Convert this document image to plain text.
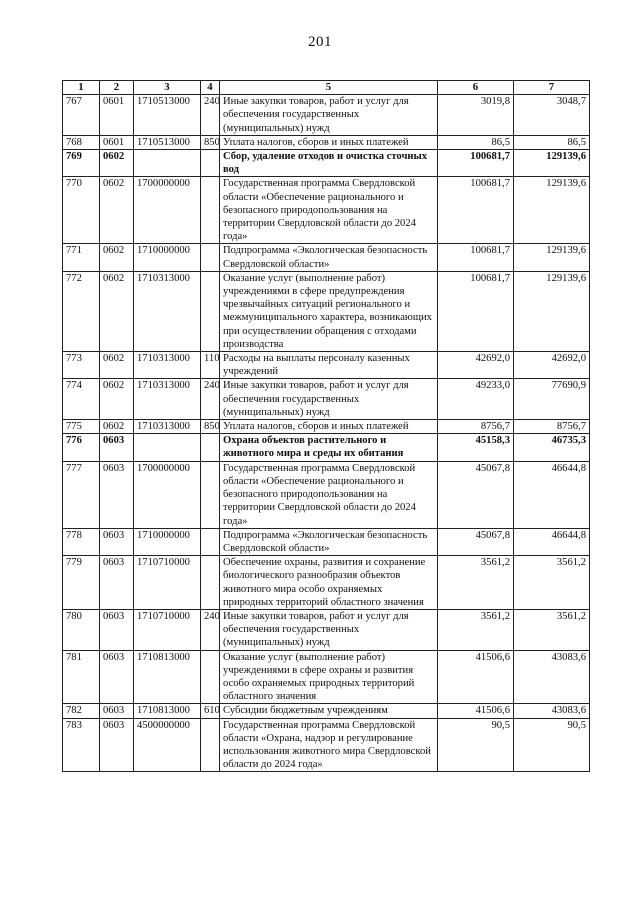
201
1	2	3	4	5	6	7
767	0601	1710513000	240	Иные закупки товаров, работ и услуг для обеспечения государственных (муниципальных) нужд	3019,8	3048,7
768	0601	1710513000	850	Уплата налогов, сборов и иных платежей	86,5	86,5
769	0602			Сбор, удаление отходов и очистка сточных вод	100681,7	129139,6
770	0602	1700000000		Государственная программа Свердловской области «Обеспечение рационального и безопасного природопользования на территории Свердловской области до 2024 года»	100681,7	129139,6
771	0602	1710000000		Подпрограмма «Экологическая безопасность Свердловской области»	100681,7	129139,6
772	0602	1710313000		Оказание услуг (выполнение работ) учреждениями в сфере предупреждения чрезвычайных ситуаций регионального и межмуниципального характера, возникающих при осуществлении обращения с отходами производства	100681,7	129139,6
773	0602	1710313000	110	Расходы на выплаты персоналу казенных учреждений	42692,0	42692,0
774	0602	1710313000	240	Иные закупки товаров, работ и услуг для обеспечения государственных (муниципальных) нужд	49233,0	77690,9
775	0602	1710313000	850	Уплата налогов, сборов и иных платежей	8756,7	8756,7
776	0603			Охрана объектов растительного и животного мира и среды их обитания	45158,3	46735,3
777	0603	1700000000		Государственная программа Свердловской области «Обеспечение рационального и безопасного природопользования на территории Свердловской области до 2024 года»	45067,8	46644,8
778	0603	1710000000		Подпрограмма «Экологическая безопасность Свердловской области»	45067,8	46644,8
779	0603	1710710000		Обеспечение охраны, развития и сохранение биологического разнообразия объектов животного мира особо охраняемых природных территорий областного значения	3561,2	3561,2
780	0603	1710710000	240	Иные закупки товаров, работ и услуг для обеспечения государственных (муниципальных) нужд	3561,2	3561,2
781	0603	1710813000		Оказание услуг (выполнение работ) учреждениями в сфере охраны и развития особо охраняемых природных территорий областного значения	41506,6	43083,6
782	0603	1710813000	610	Субсидии бюджетным учреждениям	41506,6	43083,6
783	0603	4500000000		Государственная программа Свердловской области «Охрана, надзор и регулирование использования животного мира Свердловской области до 2024 года»	90,5	90,5
